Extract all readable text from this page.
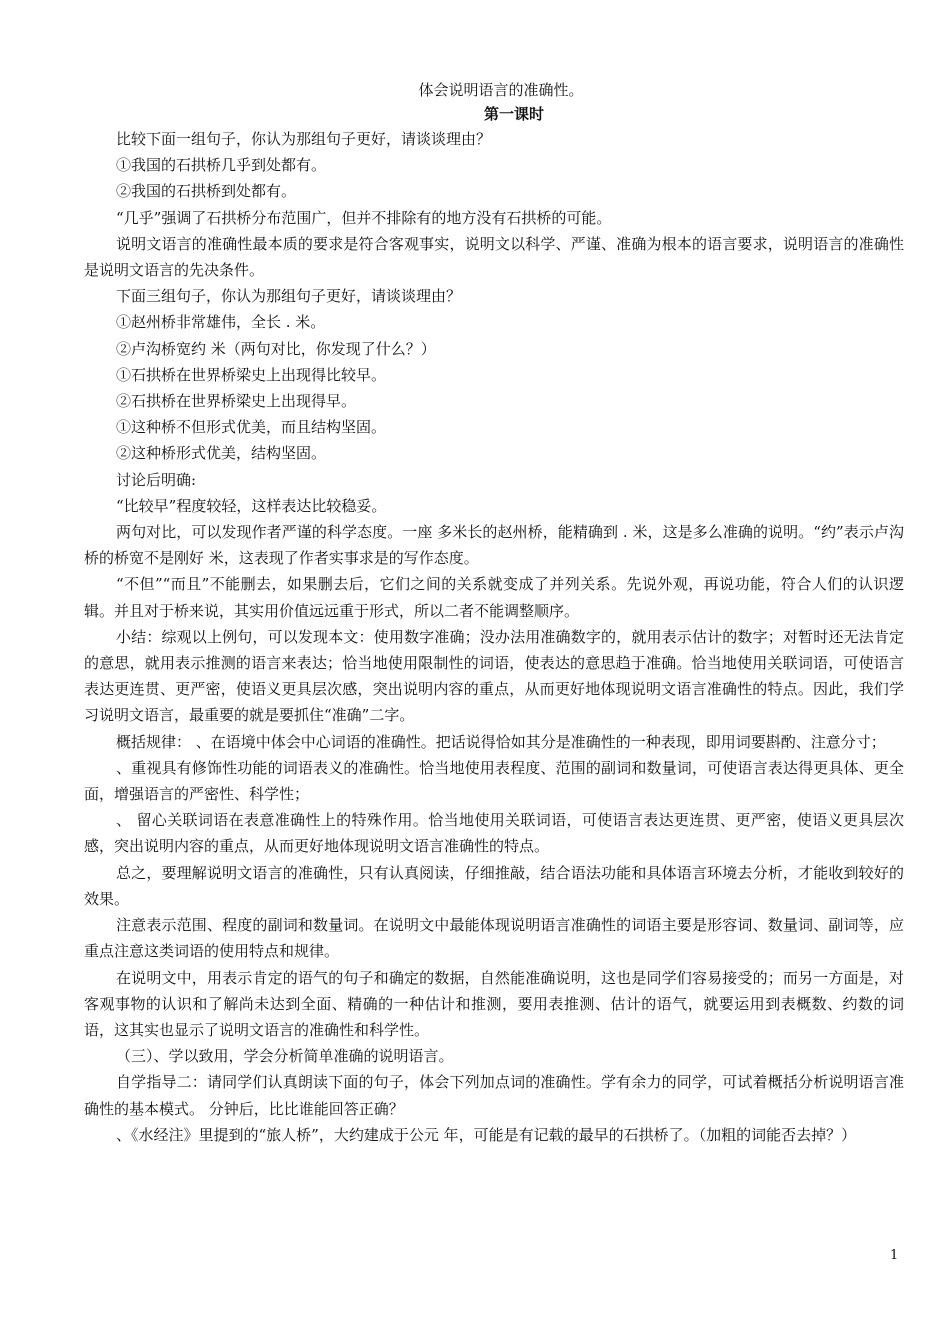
体会说明语言的准确性。
第一课时

比较下面一组句子，你认为那组句子更好，请谈谈理由？

①我国的石拱桥几乎到处都有。

②我国的石拱桥到处都有。

“几乎”强调了石拱桥分布范围广，但并不排除有的地方没有石拱桥的可能。

说明文语言的准确性最本质的要求是符合客观事实，说明文以科学、严谨、准确为根本的语言要求，说明语言的准确性是说明文语言的先决条件。

下面三组句子，你认为那组句子更好，请谈谈理由？

①赵州桥非常雄伟，全长 . 米。

②卢沟桥宽约 米（两句对比，你发现了什么？）

①石拱桥在世界桥梁史上出现得比较早。

②石拱桥在世界桥梁史上出现得早。

①这种桥不但形式优美，而且结构坚固。

②这种桥形式优美，结构坚固。

讨论后明确:

“比较早”程度较轻，这样表达比较稳妥。

两句对比，可以发现作者严谨的科学态度。一座 多米长的赵州桥，能精确到 . 米，这是多么准确的说明。“约”表示卢沟桥的桥宽不是刚好 米，这表现了作者实事求是的写作态度。

“不但”“而且”不能删去，如果删去后，它们之间的关系就变成了并列关系。先说外观，再说功能，符合人们的认识逻辑。并且对于桥来说，其实用价值远远重于形式，所以二者不能调整顺序。

小结：综观以上例句，可以发现本文：使用数字准确；没办法用准确数字的，就用表示估计的数字；对暂时还无法肯定的意思，就用表示推测的语言来表达；恰当地使用限制性的词语，使表达的意思趋于准确。恰当地使用关联词语，可使语言表达更连贯、更严密，使语义更具层次感，突出说明内容的重点，从而更好地体现说明文语言准确性的特点。因此，我们学习说明文语言，最重要的就是要抓住“准确”二字。

概括规律： 、在语境中体会中心词语的准确性。把话说得恰如其分是准确性的一种表现，即用词要斟酌、注意分寸；

、重视具有修饰性功能的词语表义的准确性。恰当地使用表程度、范围的副词和数量词，可使语言表达得更具体、更全面，增强语言的严密性、科学性；

、 留心关联词语在表意准确性上的特殊作用。恰当地使用关联词语，可使语言表达更连贯、更严密，使语义更具层次感，突出说明内容的重点，从而更好地体现说明文语言准确性的特点。

总之，要理解说明文语言的准确性，只有认真阅读，仔细推敲，结合语法功能和具体语言环境去分析，才能收到较好的效果。

注意表示范围、程度的副词和数量词。在说明文中最能体现说明语言准确性的词语主要是形容词、数量词、副词等，应重点注意这类词语的使用特点和规律。

在说明文中，用表示肯定的语气的句子和确定的数据，自然能准确说明，这也是同学们容易接受的；而另一方面是，对客观事物的认识和了解尚未达到全面、精确的一种估计和推测，要用表推测、估计的语气，就要运用到表概数、约数的词语，这其实也显示了说明文语言的准确性和科学性。

（三）、学以致用，学会分析简单准确的说明语言。

自学指导二：请同学们认真朗读下面的句子，体会下列加点词的准确性。学有余力的同学，可试着概括分析说明语言准确性的基本模式。 分钟后，比比谁能回答正确？

、《水经注》里提到的“旅人桥”，大约建成于公元 年，可能是有记载的最早的石拱桥了。（加粗的词能否去掉？）

1
